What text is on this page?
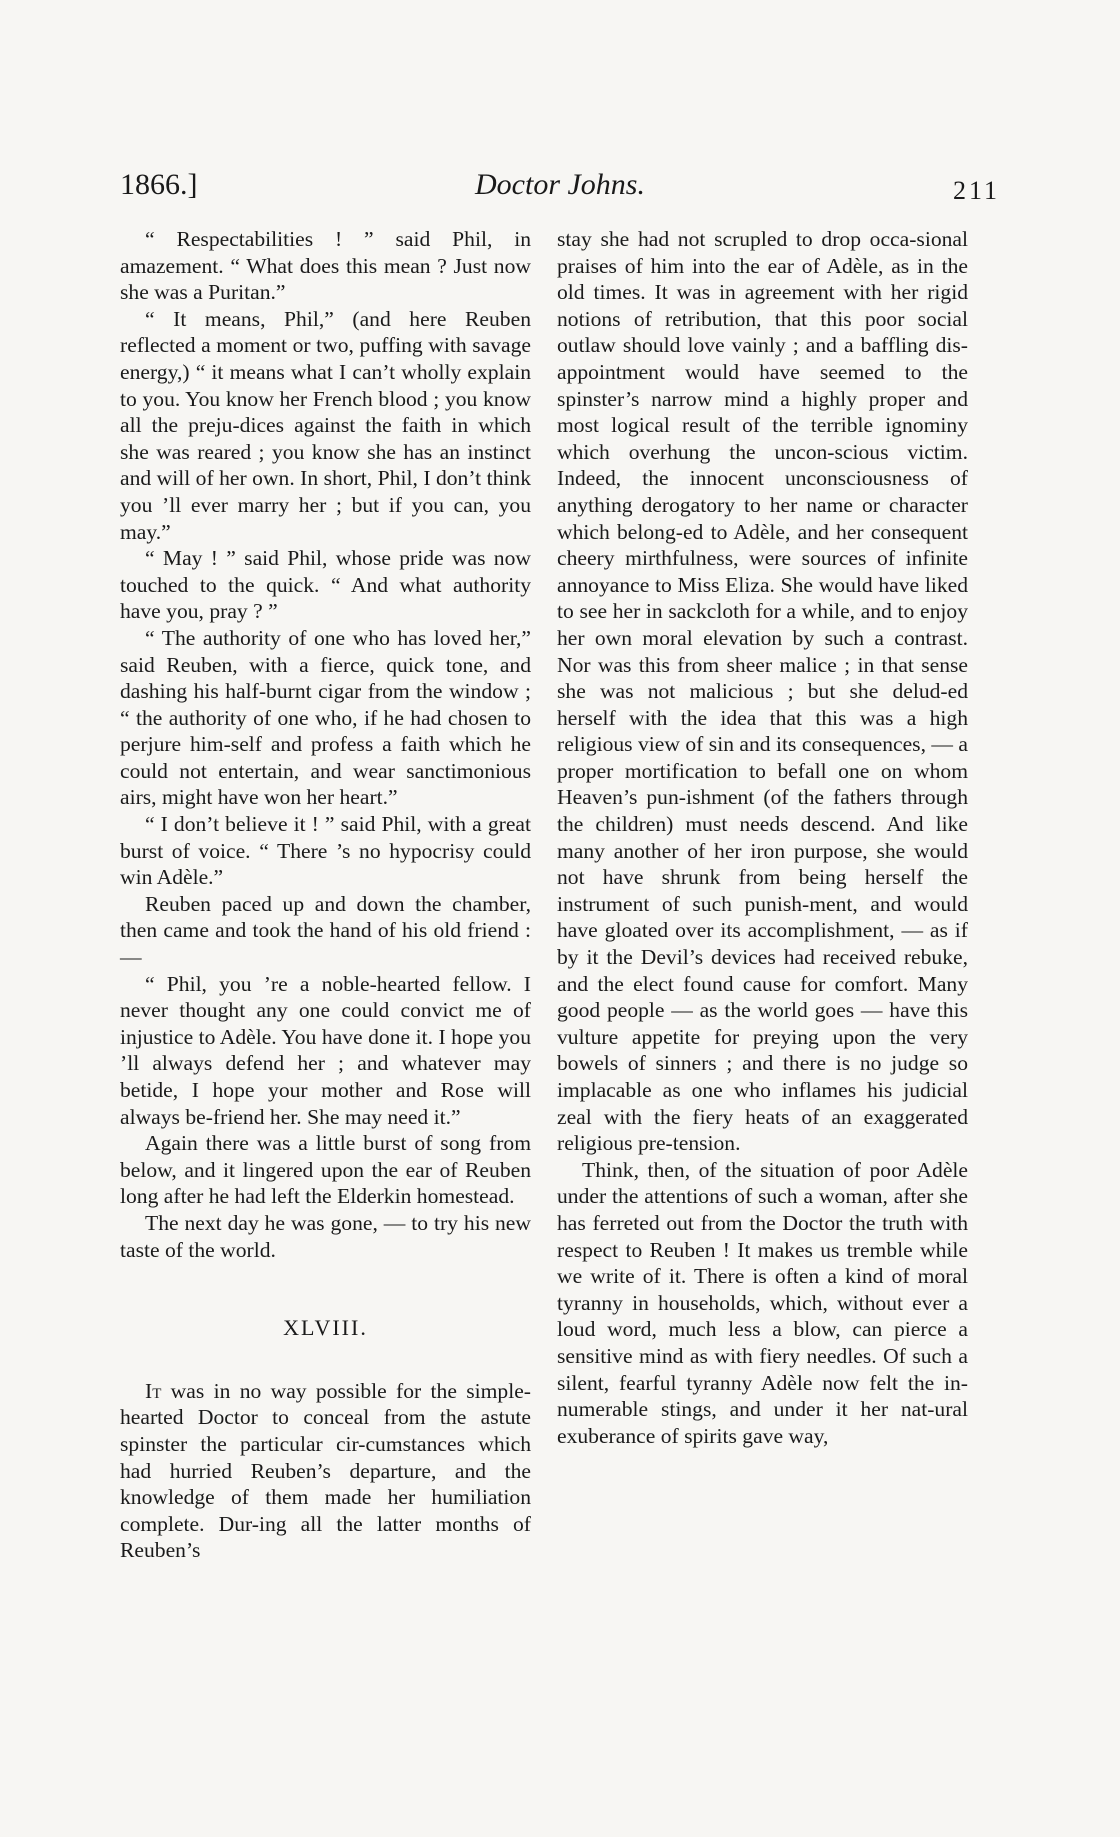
1866.]	Doctor Johns.	211

“ Respectabilities ! ” said Phil, in amazement. “ What does this mean ? Just now she was a Puritan.”

“ It means, Phil,” (and here Reuben reflected a moment or two, puffing with savage energy,) “ it means what I can’t wholly explain to you. You know her French blood ; you know all the preju-dices against the faith in which she was reared ; you know she has an instinct and will of her own. In short, Phil, I don’t think you ’ll ever marry her ; but if you can, you may.”

“ May ! ” said Phil, whose pride was now touched to the quick. “ And what authority have you, pray ? ”

“ The authority of one who has loved her,” said Reuben, with a fierce, quick tone, and dashing his half-burnt cigar from the window ; “ the authority of one who, if he had chosen to perjure him-self and profess a faith which he could not entertain, and wear sanctimonious airs, might have won her heart.”

“ I don’t believe it ! ” said Phil, with a great burst of voice. “ There ’s no hypocrisy could win Adèle.”

Reuben paced up and down the chamber, then came and took the hand of his old friend : —

“ Phil, you ’re a noble-hearted fellow. I never thought any one could convict me of injustice to Adèle. You have done it. I hope you ’ll always defend her ; and whatever may betide, I hope your mother and Rose will always be-friend her. She may need it.”

Again there was a little burst of song from below, and it lingered upon the ear of Reuben long after he had left the Elderkin homestead.

The next day he was gone, — to try his new taste of the world.

XLVIII.

It was in no way possible for the simple-hearted Doctor to conceal from the astute spinster the particular cir-cumstances which had hurried Reuben’s departure, and the knowledge of them made her humiliation complete. Dur-ing all the latter months of Reuben’s

stay she had not scrupled to drop occa-sional praises of him into the ear of Adèle, as in the old times. It was in agreement with her rigid notions of retribution, that this poor social outlaw should love vainly ; and a baffling dis-appointment would have seemed to the spinster’s narrow mind a highly proper and most logical result of the terrible ignominy which overhung the uncon-scious victim. Indeed, the innocent unconsciousness of anything derogatory to her name or character which belong-ed to Adèle, and her consequent cheery mirthfulness, were sources of infinite annoyance to Miss Eliza. She would have liked to see her in sackcloth for a while, and to enjoy her own moral elevation by such a contrast. Nor was this from sheer malice ; in that sense she was not malicious ; but she delud-ed herself with the idea that this was a high religious view of sin and its consequences, — a proper mortification to befall one on whom Heaven’s pun-ishment (of the fathers through the children) must needs descend. And like many another of her iron purpose, she would not have shrunk from being herself the instrument of such punish-ment, and would have gloated over its accomplishment, — as if by it the Devil’s devices had received rebuke, and the elect found cause for comfort. Many good people — as the world goes — have this vulture appetite for preying upon the very bowels of sinners ; and there is no judge so implacable as one who inflames his judicial zeal with the fiery heats of an exaggerated religious pre-tension.

Think, then, of the situation of poor Adèle under the attentions of such a woman, after she has ferreted out from the Doctor the truth with respect to Reuben ! It makes us tremble while we write of it. There is often a kind of moral tyranny in households, which, without ever a loud word, much less a blow, can pierce a sensitive mind as with fiery needles. Of such a silent, fearful tyranny Adèle now felt the in-numerable stings, and under it her nat-ural exuberance of spirits gave way,
